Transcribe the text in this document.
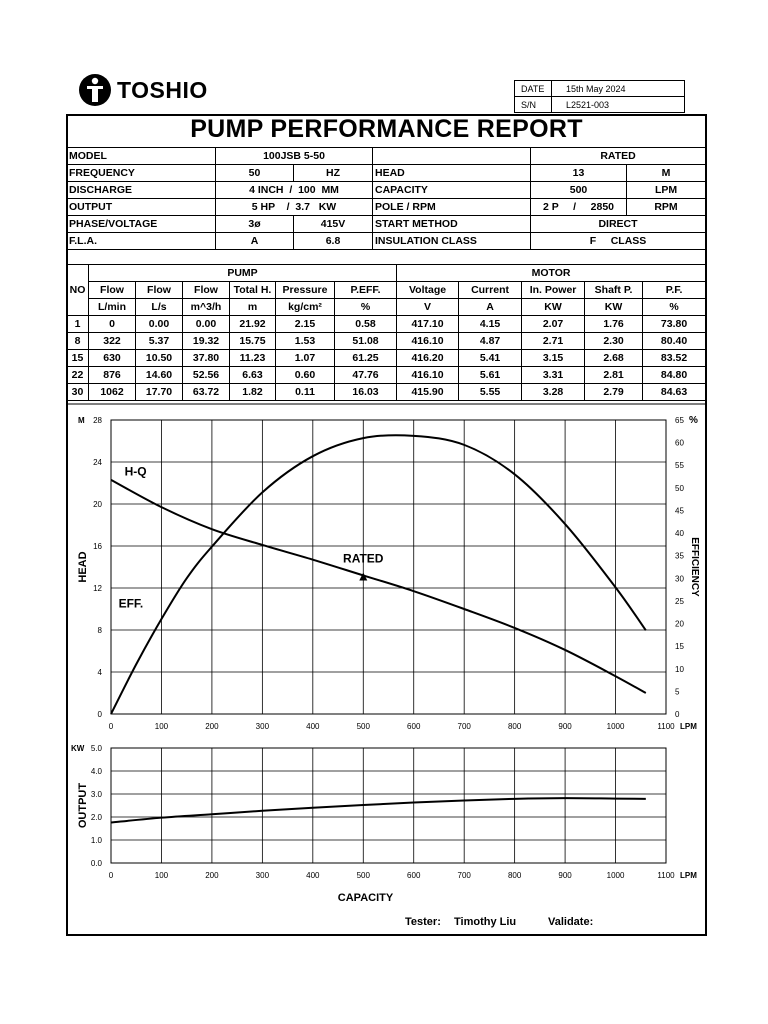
TOSHIO	DATE	15th May 2024
S/N	L2521-003
PUMP PERFORMANCE REPORT
MODEL	100JSB 5-50			RATED	
FREQUENCY	50	HZ	HEAD	13	M
DISCHARGE	4 INCH  /  100  MM		CAPACITY	500	LPM
OUTPUT	5 HP    /  3.7   KW		POLE / RPM	2 P     /     2850	RPM
PHASE/VOLTAGE	3ø	415V	START METHOD	DIRECT	
F.L.A.	A	6.8	INSULATION CLASS	F     CLASS	
NO	PUMP						MOTOR				
	Flow	Flow	Flow	Total H.	Pressure	P.EFF.	Voltage	Current	In. Power	Shaft P.	P.F.
	L/min	L/s	m^3/h	m	kg/cm²	%	V	A	KW	KW	%
1	0	0.00	0.00	21.92	2.15	0.58	417.10	4.15	2.07	1.76	73.80
8	322	5.37	19.32	15.75	1.53	51.08	416.10	4.87	2.71	2.30	80.40
15	630	10.50	37.80	11.23	1.07	61.25	416.20	5.41	3.15	2.68	83.52
22	876	14.60	52.56	6.63	0.60	47.76	416.10	5.61	3.31	2.81	84.80
30	1062	17.70	63.72	1.82	0.11	16.03	415.90	5.55	3.28	2.79	84.63
0	100	200	300	400	500	600	700	800	900	1000	1100
0
4
8
12
16
20
24
28
LPM
M
HEAD
0
5
10
15
20
25
30
35
40
45
50
55
60
65 %
EFFICIENCY
H-Q
EFF.
RATED
0	100	200	300	400	500	600	700	800	900	1000	1100
0.0
1.0
2.0
3.0
4.0
5.0
LPM
KW
OUTPUT
CAPACITY
Tester: Timothy Liu	Validate:
